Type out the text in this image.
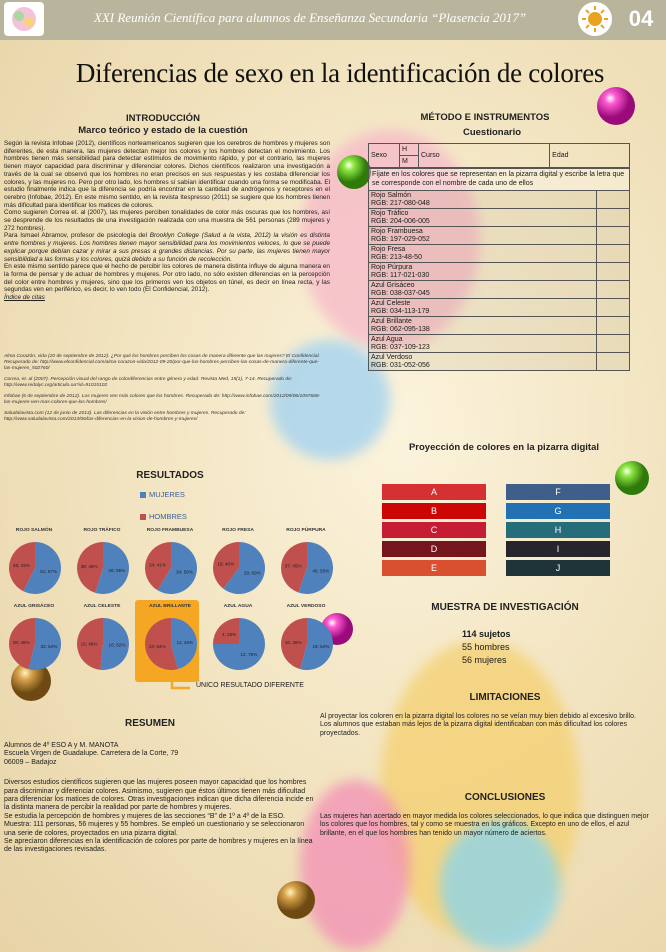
XXI Reunión Científica para alumnos de Enseñanza Secundaria “Plasencia 2017”	04
Diferencias de sexo en la identificación de colores
INTRODUCCIÓN
Marco teórico y estado de la cuestión
Según la revista Infobae (2012), científicos norteamericanos sugieren que los cerebros de hombres y mujeres son diferentes, de esta manera, las mujeres detectan mejor los colores y los hombres detectan el movimiento. Los hombres tienen más sensibilidad para detectar estímulos de movimiento rápido, y por el contrario, las mujeres tienen mayor capacidad para discriminar y diferenciar colores. Dichos científicos realizaron una investigación a través de la cual se observó que los hombres no eran precisos en sus respuestas y les costaba diferenciar los colores, y las mujeres no. Pero por otro lado, los hombres sí sabían identificar cuando una forma se modificaba. El estudio finalmente indica que la diferencia se podría encontrar en la cantidad de andrógenos y receptores en el cerebro (Infobae, 2012). En este mismo sentido, en la revista Itespresso (2011) se sugiere que los hombres tienen más dificultad para identificar los matices de colores.
Como sugieren Correa et. al (2007), las mujeres perciben tonalidades de color más oscuras que los hombres, así se desprende de los resultados de una investigación realizada con una muestra de 561 personas (289 mujeres y 272 hombres).
Para Ismael Abramov, profesor de psicología del Brooklyn College (Salud a la vista, 2012) la visión es distinta entre hombres y mujeres. Los hombres tienen mayor sensibilidad para los movimientos veloces, lo que se puede explicar porque debían cazar y mirar a sus presas a grandes distancias. Por su parte, las mujeres tienen mayor sensibilidad a las formas y los colores, quizá debido a su función de recolección.
En este mismo sentido parece que el hecho de percibir los colores de manera distinta influye de alguna manera en la forma de pensar y de actuar de hombres y mujeres. Por otro lado, no sólo existen diferencias en la percepción del color entre hombres y mujeres, sino que los primeros ven los objetos en túnel, es decir en línea recta, y las segundas ven en periférico, es decir, lo ven todo (El Confidencial, 2012).
Índice de citas
Alma Corazón, vida (20 de septiembre de 2012). ¿Por qué los hombres perciben los cosas de manera diferente que las mujeres? El Confidencial. Recuperado de: http://www.elconfidencial.com/alma-corazon-vida/2012-09-20/por-que-los-hombres-perciben-las-cosas-de-manera-diferente-que-las-mujeres_502760/
Correa, et. al (2007). Percepción visual del rango de colordiferencias entre género y edad. Revista Med, 15(1), 7-14. Recuperado de: http://www.redalyc.org/articulo.oa?id=91015102
Infobae (6 de septiembre de 2012). Los mujeres ven más colores que los hombres. Recuperado de: http://www.infobae.com/2012/09/06/1057668-los-mujeres-ven-mas-colores-que-los-hombres/
Saludalavista.com (12 de junio de 2013). Las diferencias en la visión entre hombres y mujeres. Recuperado de: http://www.saludalavista.com/2013/06/las-diferencias-en-la-vision-de-hombres-y-mujeres/
MÉTODO E INSTRUMENTOS
Cuestionario
Sexo	H	Curso		Edad
M
Fíjate en los colores que se representan en la pizarra digital y escribe la letra que se corresponde con el nombre de cada uno de ellos
Rojo Salmón
RGB: 217-080-048	

Rojo Tráfico
RGB: 204-006-005	

Rojo Frambuesa
RGB: 197-029-052	

Rojo Fresa
RGB: 213-48-50	

Rojo Púrpura
RGB: 117-021-030	

Azul Grisáceo
RGB: 038-037-045	

Azul Celeste
RGB: 034-113-179	

Azul Brillante
RGB: 062-095-138	

Azul Agua
RGB: 037-109-123	

Azul Verdoso
RGB: 031-052-056	

Proyección de colores en la pizarra digital
A
B
C
D
E
F
G
H
I
J
MUESTRA DE INVESTIGACIÓN
114 sujetos
55 hombres
56 mujeres
RESULTADOS
MUJERES
HOMBRES
ROJO SALMÓN
38; 43%
51; 57%
ROJO TRÁFICO
38; 45%
46; 55%
ROJO FRAMBUESA
24; 41%
34; 59%
ROJO FRESA
19; 40%
29; 60%
ROJO PÚRPURA
37; 45%
46; 55%
AZUL GRISÁCEO
28; 46%
33; 54%
AZUL CELESTE
15; 48% 16; 52%
AZUL BRILLANTE
13; 54%
11; 46%
AZUL AGUA
4; 25%
12; 75%
AZUL VERDOSO
16; 46%
19; 54%
ÚNICO RESULTADO DIFERENTE
RESUMEN
Alumnos de 4º ESO A y M. MANOTA
Escuela Virgen de Guadalupe. Carretera de la Corte, 79
06009 – Badajoz
Diversos estudios científicos sugieren que las mujeres poseen mayor capacidad que los hombres para discriminar y diferenciar colores. Asimismo, sugieren que éstos últimos tienen más dificultad para diferenciar los matices de colores. Otras investigaciones indican que dicha diferencia incide en la distinta manera de percibir la realidad por parte de hombres y mujeres.
Se estudia la percepción de hombres y mujeres de las secciones “B” de 1º a 4º de la ESO. Muestra: 111 personas, 56 mujeres y 55 hombres. Se empleó un cuestionario y se seleccionaron una serie de colores, proyectados en una pizarra digital.
Se apreciaron diferencias en la identificación de colores por parte de hombres y mujeres en la línea de las investigaciones revisadas.
LIMITACIONES
Al proyectar los coloren en la pizarra digital los colores no se veían muy bien debido al excesivo brillo. Los alumnos que estaban más lejos de la pizarra digital identificaban con más dificultad los colores proyectados.
CONCLUSIONES
Las mujeres han acertado en mayor medida los colores seleccionados, lo que indica que distinguen mejor los colores que los hombres, tal y como se muestra en los gráficos. Excepto en uno de ellos, el azul brillante, en el que los hombres han tenido un mayor número de aciertos.
